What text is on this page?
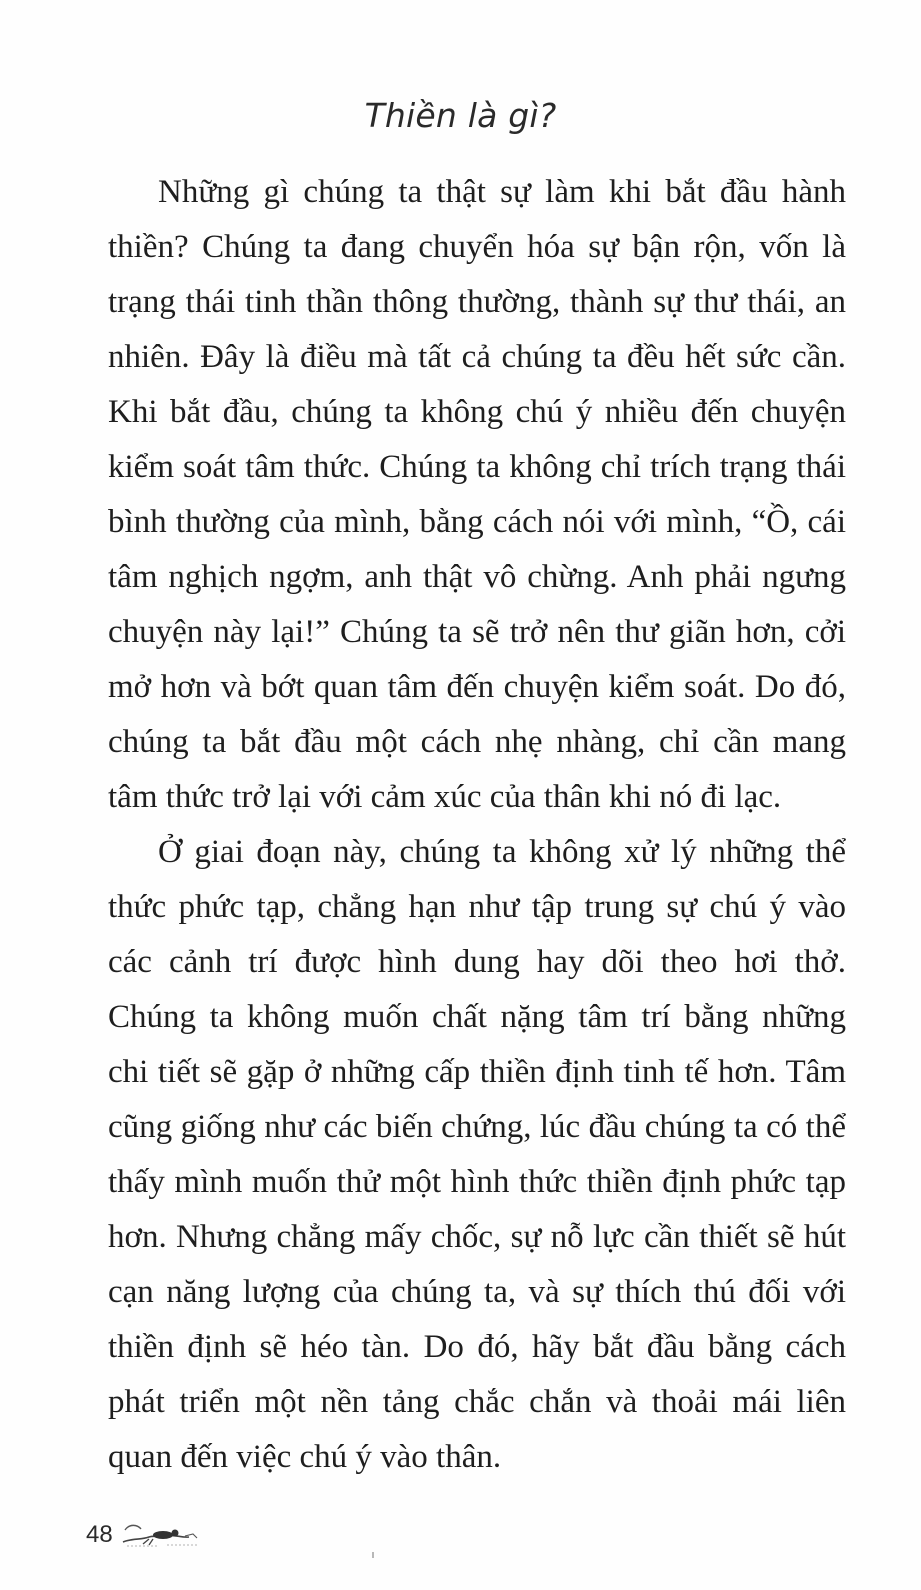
Thiền là gì?

Những gì chúng ta thật sự làm khi bắt đầu hành thiền? Chúng ta đang chuyển hóa sự bận rộn, vốn là trạng thái tinh thần thông thường, thành sự thư thái, an nhiên. Đây là điều mà tất cả chúng ta đều hết sức cần. Khi bắt đầu, chúng ta không chú ý nhiều đến chuyện kiểm soát tâm thức. Chúng ta không chỉ trích trạng thái bình thường của mình, bằng cách nói với mình, “Ồ, cái tâm nghịch ngợm, anh thật vô chừng. Anh phải ngưng chuyện này lại!” Chúng ta sẽ trở nên thư giãn hơn, cởi mở hơn và bớt quan tâm đến chuyện kiểm soát. Do đó, chúng ta bắt đầu một cách nhẹ nhàng, chỉ cần mang tâm thức trở lại với cảm xúc của thân khi nó đi lạc.

Ở giai đoạn này, chúng ta không xử lý những thể thức phức tạp, chẳng hạn như tập trung sự chú ý vào các cảnh trí được hình dung hay dõi theo hơi thở. Chúng ta không muốn chất nặng tâm trí bằng những chi tiết sẽ gặp ở những cấp thiền định tinh tế hơn. Tâm cũng giống như các biến chứng, lúc đầu chúng ta có thể thấy mình muốn thử một hình thức thiền định phức tạp hơn. Nhưng chẳng mấy chốc, sự nỗ lực cần thiết sẽ hút cạn năng lượng của chúng ta, và sự thích thú đối với thiền định sẽ héo tàn. Do đó, hãy bắt đầu bằng cách phát triển một nền tảng chắc chắn và thoải mái liên quan đến việc chú ý vào thân.

48
